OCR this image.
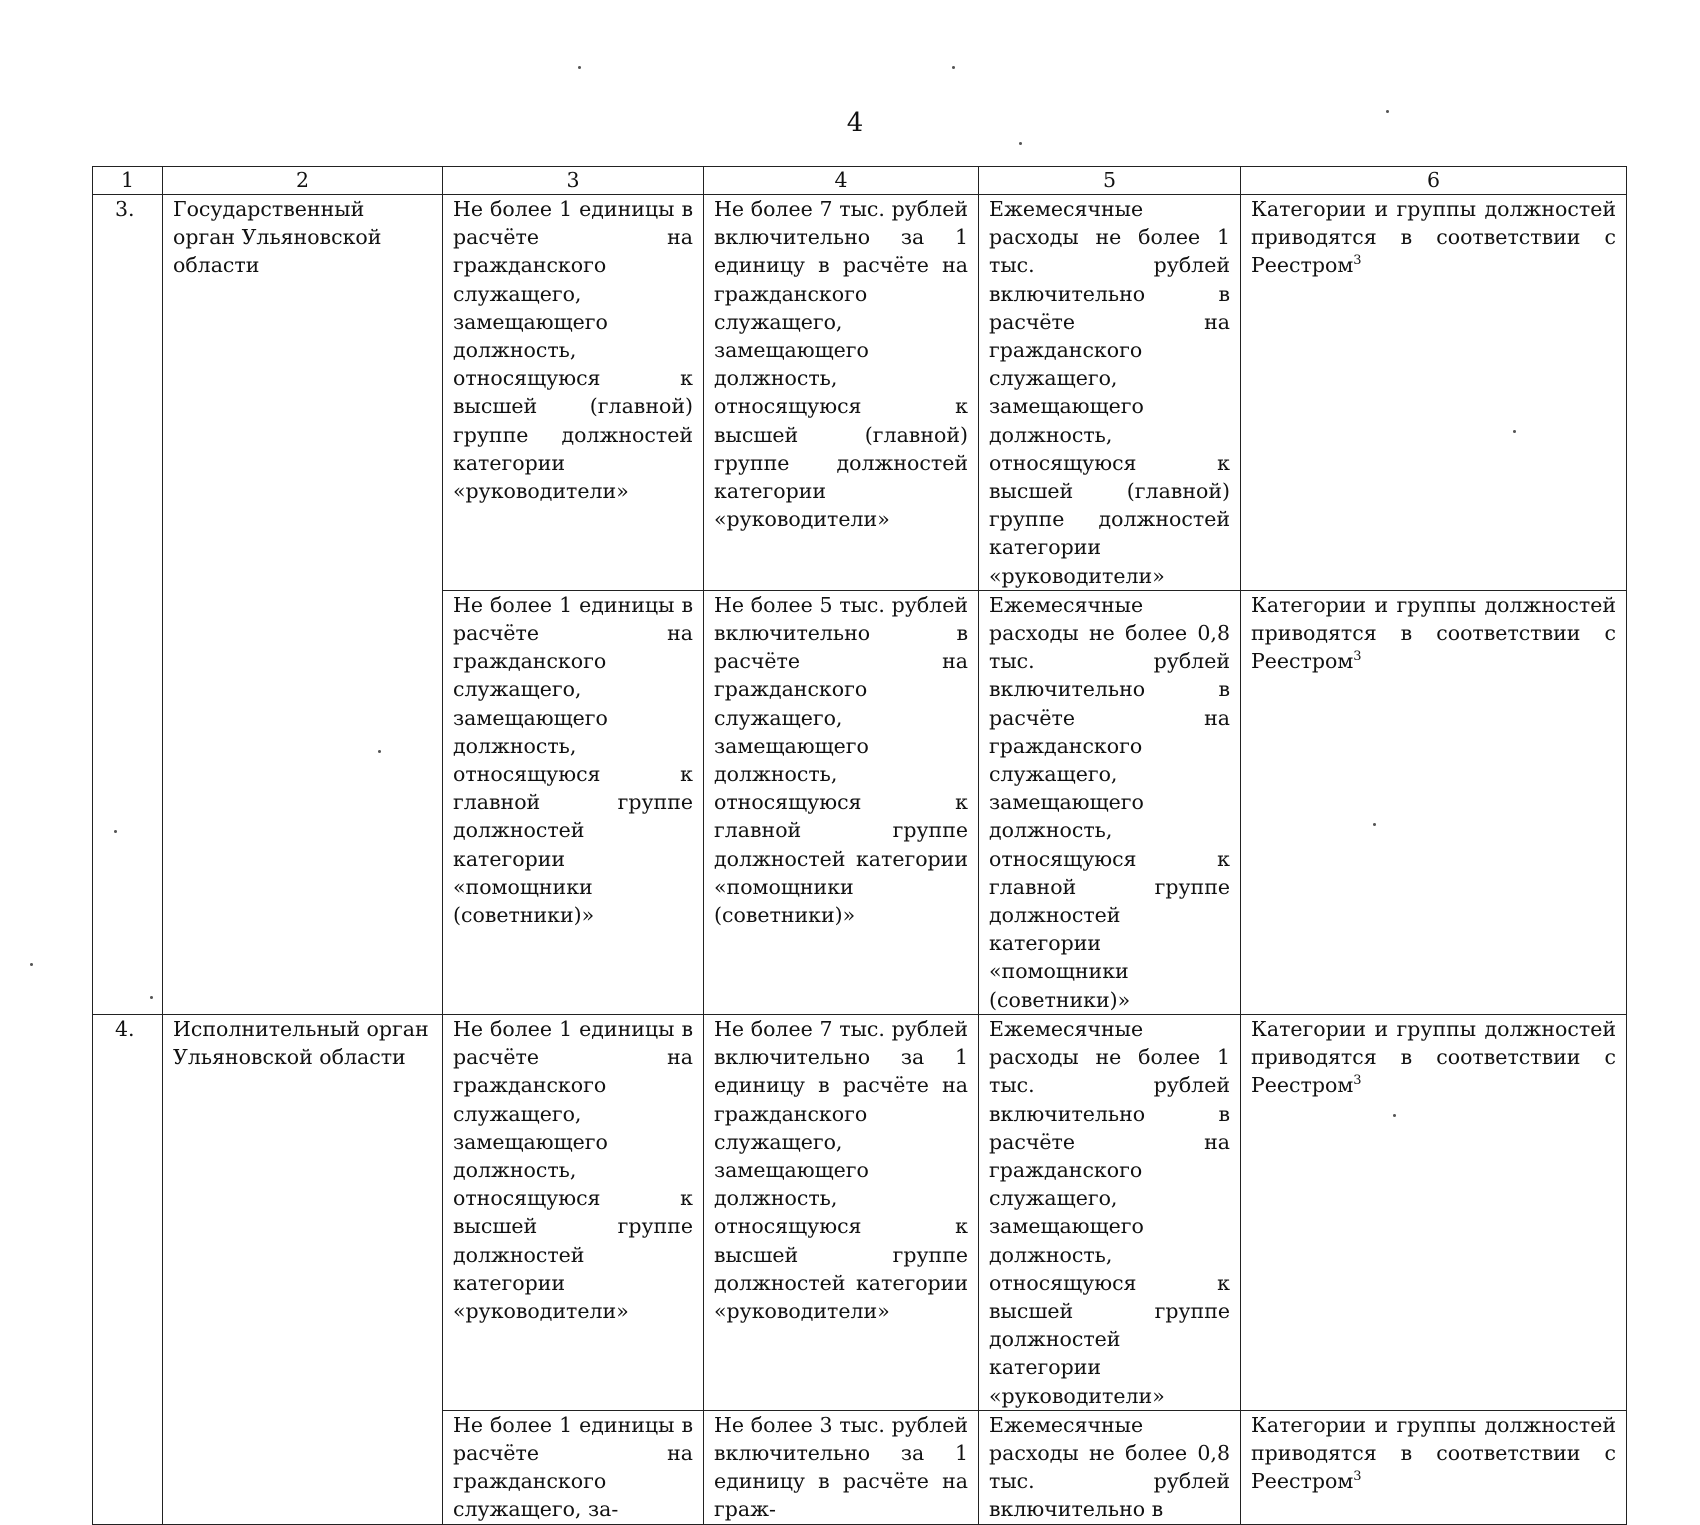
4
1	2	3	4	5	6
3.	Государственный орган Ульяновской области	Не более 1 единицы в расчёте на гражданского служащего, замещающего должность, относящуюся к высшей (главной) группе должностей категории «руководители»	Не более 7 тыс. рублей включительно за 1 единицу в расчёте на гражданского служащего, замещающего должность, относящуюся к высшей (главной) группе должностей категории «руководители»	Ежемесячные расходы не более 1 тыс. рублей включительно в расчёте на гражданского служащего, замещающего должность, относящуюся к высшей (главной) группе должностей категории «руководители»	Категории и группы должностей приводятся в соответствии с Реестром$^3$
		Не более 1 единицы в расчёте на гражданского служащего, замещающего должность, относящуюся к главной группе должностей категории «помощники (советники)»	Не более 5 тыс. рублей включительно в расчёте на гражданского служащего, замещающего должность, относящуюся к главной группе должностей категории «помощники (советники)»	Ежемесячные расходы не более 0,8 тыс. рублей включительно в расчёте на гражданского служащего, замещающего должность, относящуюся к главной группе должностей категории «помощники (советники)»	Категории и группы должностей приводятся в соответствии с Реестром$^3$
4.	Исполнительный орган Ульяновской области	Не более 1 единицы в расчёте на гражданского служащего, замещающего должность, относящуюся к высшей группе должностей категории «руководители»	Не более 7 тыс. рублей включительно за 1 единицу в расчёте на гражданского служащего, замещающего должность, относящуюся к высшей группе должностей категории «руководители»	Ежемесячные расходы не более 1 тыс. рублей включительно в расчёте на гражданского служащего, замещающего должность, относящуюся к высшей группе должностей категории «руководители»	Категории и группы должностей приводятся в соответствии с Реестром$^3$
		Не более 1 единицы в расчёте на гражданского служащего, за-	Не более 3 тыс. рублей включительно за 1 единицу в расчёте на граж-	Ежемесячные расходы не более 0,8 тыс. рублей включительно в	Категории и группы должностей приводятся в соответствии с Реестром$^3$
